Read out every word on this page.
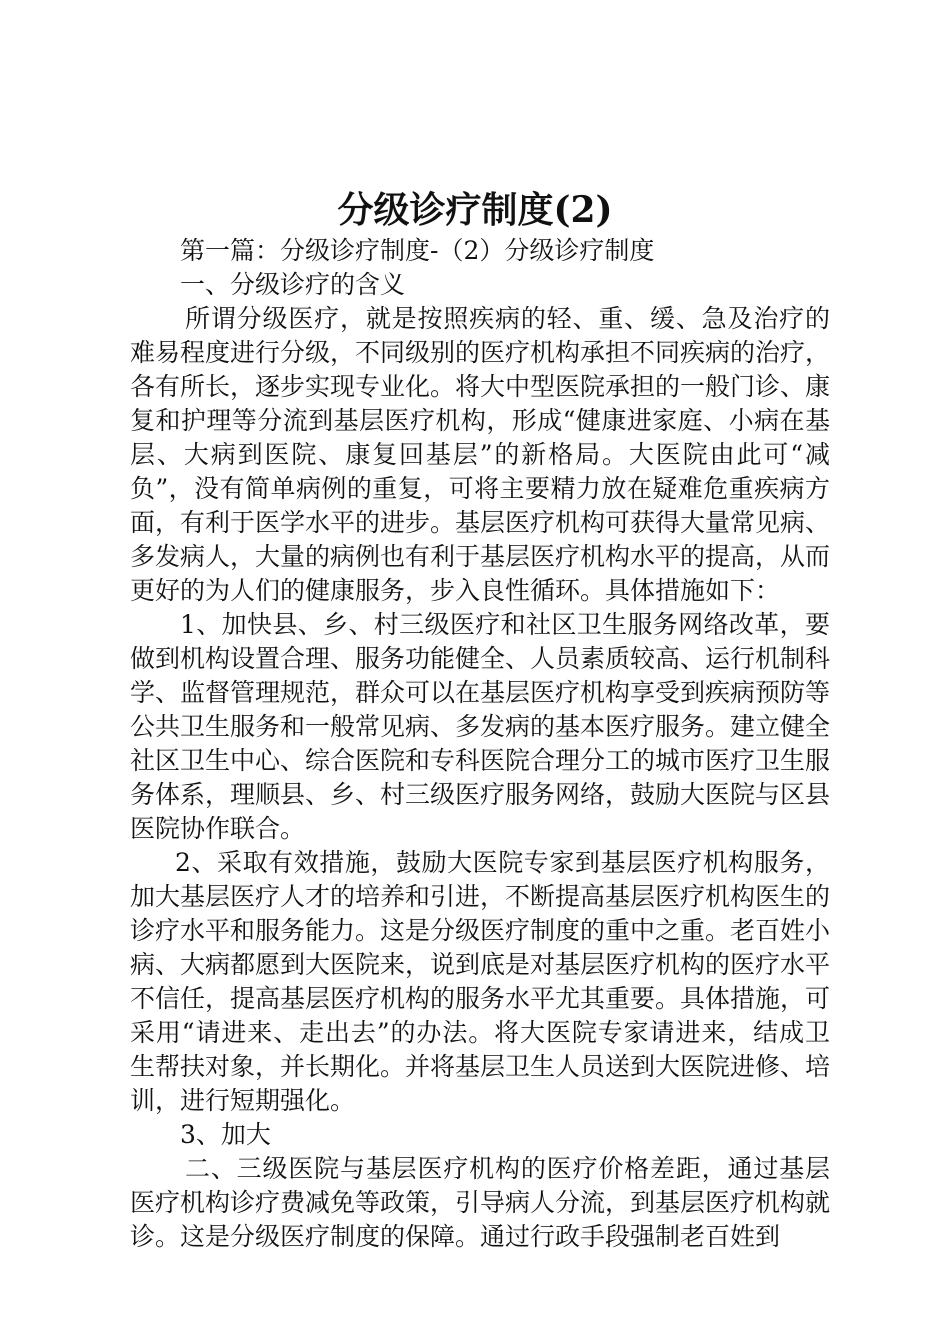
分级诊疗制度(2)

第一篇：分级诊疗制度-（2）分级诊疗制度

一、分级诊疗的含义

所谓分级医疗，就是按照疾病的轻、重、缓、急及治疗的难易程度进行分级，不同级别的医疗机构承担不同疾病的治疗，各有所长，逐步实现专业化。将大中型医院承担的一般门诊、康复和护理等分流到基层医疗机构，形成“健康进家庭、小病在基层、大病到医院、康复回基层”的新格局。大医院由此可“减负”，没有简单病例的重复，可将主要精力放在疑难危重疾病方面，有利于医学水平的进步。基层医疗机构可获得大量常见病、多发病人，大量的病例也有利于基层医疗机构水平的提高，从而更好的为人们的健康服务，步入良性循环。具体措施如下：

1、加快县、乡、村三级医疗和社区卫生服务网络改革，要做到机构设置合理、服务功能健全、人员素质较高、运行机制科学、监督管理规范，群众可以在基层医疗机构享受到疾病预防等公共卫生服务和一般常见病、多发病的基本医疗服务。建立健全社区卫生中心、综合医院和专科医院合理分工的城市医疗卫生服务体系，理顺县、乡、村三级医疗服务网络，鼓励大医院与区县医院协作联合。

2、采取有效措施，鼓励大医院专家到基层医疗机构服务，加大基层医疗人才的培养和引进，不断提高基层医疗机构医生的诊疗水平和服务能力。这是分级医疗制度的重中之重。老百姓小病、大病都愿到大医院来，说到底是对基层医疗机构的医疗水平不信任，提高基层医疗机构的服务水平尤其重要。具体措施，可采用“请进来、走出去”的办法。将大医院专家请进来，结成卫生帮扶对象，并长期化。并将基层卫生人员送到大医院进修、培训，进行短期强化。

3、加大

二、三级医院与基层医疗机构的医疗价格差距，通过基层医疗机构诊疗费减免等政策，引导病人分流，到基层医疗机构就诊。这是分级医疗制度的保障。通过行政手段强制老百姓到
